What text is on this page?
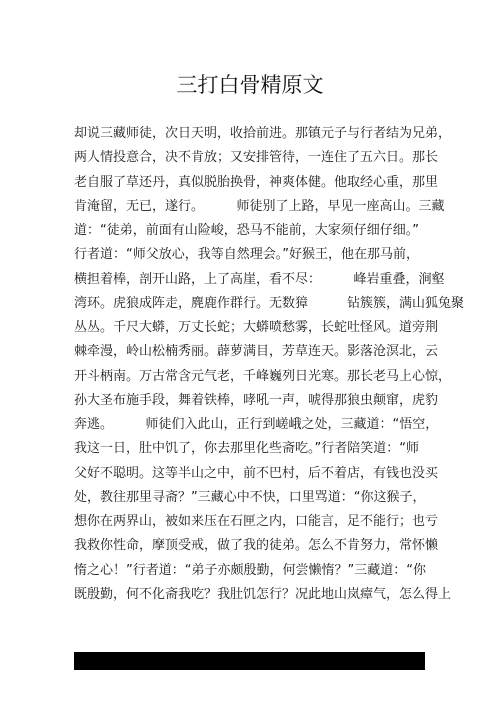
三打白骨精原文
却说三藏师徒，次日天明，收拾前进。那镇元子与行者结为兄弟，
两人情投意合，决不肯放；又安排管待，一连住了五六日。那长
老自服了草还丹，真似脱胎换骨，神爽体健。他取经心重，那里
肯淹留，无已，遂行。　　　师徒别了上路，早见一座高山。三藏
道：“徒弟，前面有山险峻，恐马不能前，大家须仔细仔细。”
行者道：“师父放心，我等自然理会。”好猴王，他在那马前，
横担着棒，剖开山路，上了高崖，看不尽：　　　峰岩重叠，涧壑
湾环。虎狼成阵走，麂鹿作群行。无数獐　　　钻簇簇，满山狐兔聚
丛丛。千尺大蟒，万丈长蛇；大蟒喷愁雾，长蛇吐怪风。道旁荆
棘牵漫，岭山松楠秀丽。薜萝满目，芳草连天。影落沧溟北，云
开斗柄南。万古常含元气老，千峰巍列日光寒。那长老马上心惊，
孙大圣布施手段，舞着铁棒，哮吼一声，唬得那狼虫颠窜，虎豹
奔逃。　　　师徒们入此山，正行到嵯峨之处，三藏道：“悟空，
我这一日，肚中饥了，你去那里化些斋吃。”行者陪笑道：“师
父好不聪明。这等半山之中，前不巴村，后不着店，有钱也没买
处，教往那里寻斋？”三藏心中不快，口里骂道：“你这猴子，
想你在两界山，被如来压在石匣之内，口能言，足不能行；也亏
我救你性命，摩顶受戒，做了我的徒弟。怎么不肯努力，常怀懒
惰之心！”行者道：“弟子亦颇殷勤，何尝懒惰？”三藏道：“你
既殷勤，何不化斋我吃？我肚饥怎行？况此地山岚瘴气，怎么得上
